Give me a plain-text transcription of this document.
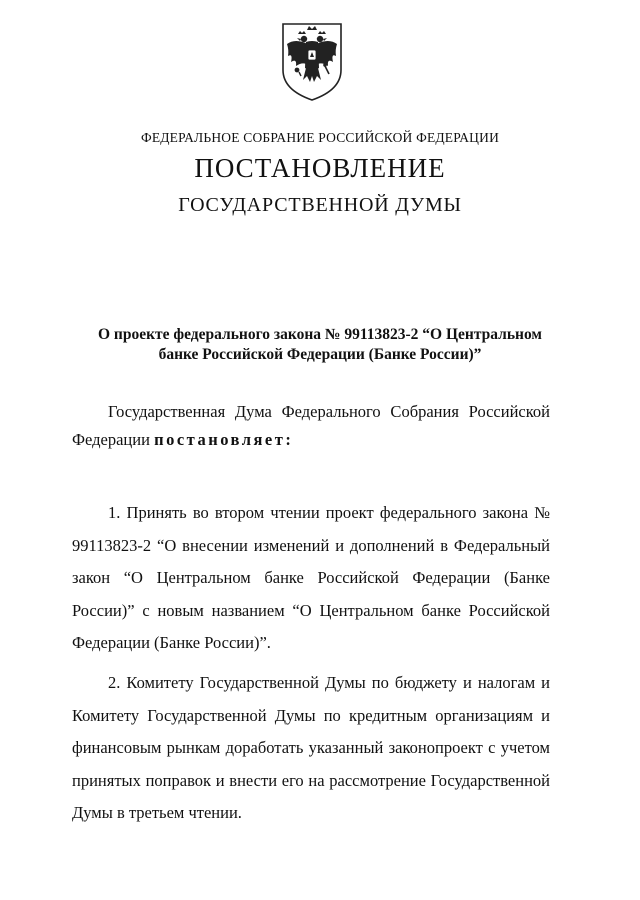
ФЕДЕРАЛЬНОЕ СОБРАНИЕ РОССИЙСКОЙ ФЕДЕРАЦИИ
ПОСТАНОВЛЕНИЕ
ГОСУДАРСТВЕННОЙ ДУМЫ
О проекте федерального закона № 99113823-2 “О Центральном
банке Российской Федерации (Банке России)”
Государственная Дума Федерального Собрания Российской Федерации постановляет:
1. Принять во втором чтении проект федерального закона № 99113823-2 “О внесении изменений и дополнений в Федеральный закон “О Центральном банке Российской Федерации (Банке России)” с новым названием “О Центральном банке Российской Федерации (Банке России)”.
2. Комитету Государственной Думы по бюджету и налогам и Комитету Государственной Думы по кредитным организациям и финансовым рынкам доработать указанный законопроект с учетом принятых поправок и внести его на рассмотрение Государственной Думы в третьем чтении.
